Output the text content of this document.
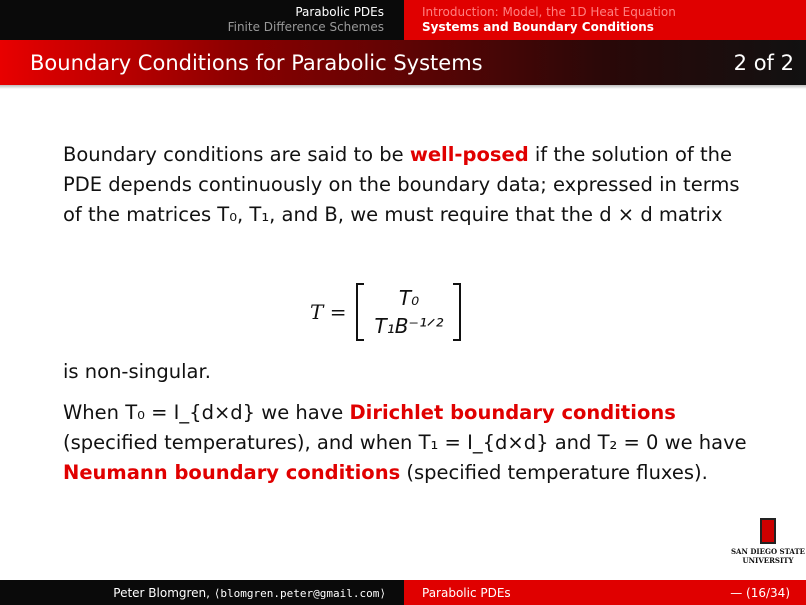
Parabolic PDEs
Finite Difference Schemes
Introduction: Model, the 1D Heat Equation
Systems and Boundary Conditions
Boundary Conditions for Parabolic Systems	2 of 2
Boundary conditions are said to be well-posed if the solution of the PDE depends continuously on the boundary data; expressed in terms of the matrices T₀, T₁, and B, we must require that the d × d matrix
T =
T₀
T₁B⁻¹ᐟ²
is non-singular.
When T₀ = I_{d×d} we have Dirichlet boundary conditions (specified temperatures), and when T₁ = I_{d×d} and T₂ = 0 we have Neumann boundary conditions (specified temperature fluxes).
SAN DIEGO STATE
UNIVERSITY
Peter Blomgren, ⟨blomgren.peter@gmail.com⟩	Parabolic PDEs	— (16/34)
